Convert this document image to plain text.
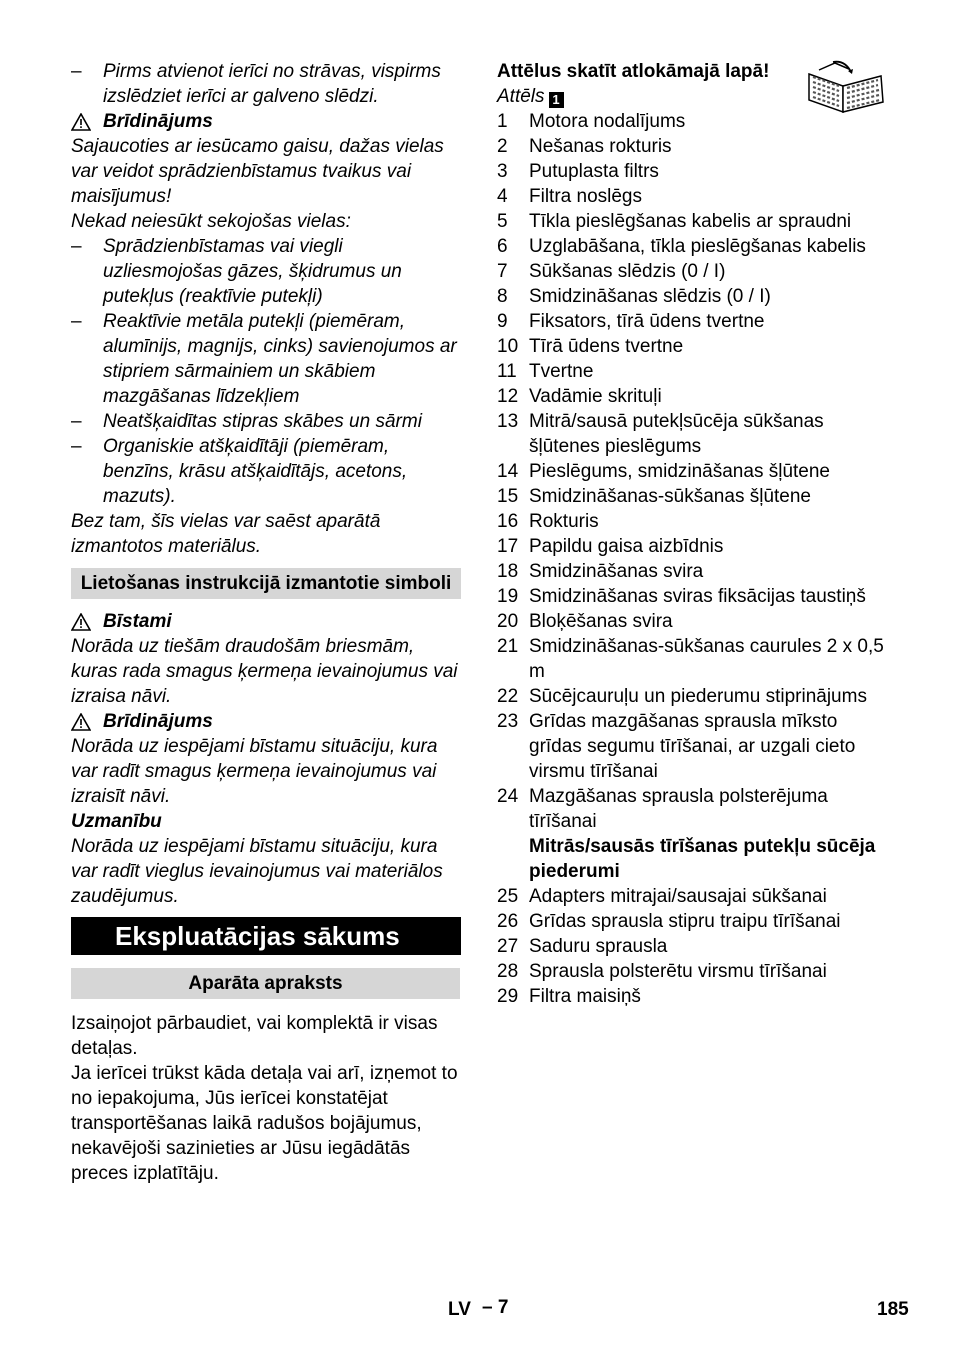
–	Pirms atvienot ierīci no strāvas, vispirms izslēdziet ierīci ar galveno slēdzi.
Brīdinājums

Sajaucoties ar iesūcamo gaisu, dažas vielas var veidot sprādzienbīstamus tvaikus vai maisījumus!

Nekad neiesūkt sekojošas vielas:

–	Sprādzienbīstamas vai viegli uzliesmojošas gāzes, šķidrumus un putekļus (reaktīvie putekļi)
–	Reaktīvie metāla putekļi (piemēram, alumīnijs, magnijs, cinks) savienojumos ar stipriem sārmainiem un skābiem mazgāšanas līdzekļiem
–	Neatšķaidītas stipras skābes un sārmi
–	Organiskie atšķaidītāji (piemēram, benzīns, krāsu atšķaidītājs, acetons, mazuts).

Bez tam, šīs vielas var saēst aparātā izmantotos materiālus.

Lietošanas instrukcijā izmantotie simboli
Bīstami

Norāda uz tiešām draudošām briesmām, kuras rada smagus ķermeņa ievainojumus vai izraisa nāvi.

Brīdinājums

Norāda uz iespējami bīstamu situāciju, kura var radīt smagus ķermeņa ievainojumus vai izraisīt nāvi.

Uzmanību

Norāda uz iespējami bīstamu situāciju, kura var radīt vieglus ievainojumus vai materiālos zaudējumus.

Ekspluatācijas sākums
Aparāta apraksts

Izsaiņojot pārbaudiet, vai komplektā ir visas detaļas.

Ja ierīcei trūkst kāda detaļa vai arī, izņemot to no iepakojuma, Jūs ierīcei konstatējat transportēšanas laikā radušos bojājumus, nekavējoši sazinieties ar Jūsu iegādātās preces izplatītāju.

Attēlus skatīt atlokāmajā lapā!

Attēls 1

1	Motora nodalījums
2	Nešanas rokturis
3	Putuplasta filtrs
4	Filtra noslēgs
5	Tīkla pieslēgšanas kabelis ar spraudni
6	Uzglabāšana, tīkla pieslēgšanas kabelis
7	Sūkšanas slēdzis (0 / I)
8	Smidzināšanas slēdzis (0 / I)
9	Fiksators, tīrā ūdens tvertne
10 Tīrā ūdens tvertne
11 Tvertne
12 Vadāmie skrituļi
13 Mitrā/sausā putekļsūcēja sūkšanas šļūtenes pieslēgums
14 Pieslēgums, smidzināšanas šļūtene
15 Smidzināšanas-sūkšanas šļūtene
16 Rokturis
17 Papildu gaisa aizbīdnis
18 Smidzināšanas svira
19 Smidzināšanas sviras fiksācijas taustiņš
20 Bloķēšanas svira
21 Smidzināšanas-sūkšanas caurules 2 x 0,5 m
22 Sūcējcauruļu un piederumu stiprinājums
23 Grīdas mazgāšanas sprausla mīksto grīdas segumu tīrīšanai, ar uzgali cieto virsmu tīrīšanai
24 Mazgāšanas sprausla polsterējuma tīrīšanai
Mitrās/sausās tīrīšanas putekļu sūcēja piederumi
25 Adapters mitrajai/sausajai sūkšanai
26 Grīdas sprausla stipru traipu tīrīšanai
27 Saduru sprausla
28 Sprausla polsterētu virsmu tīrīšanai
29 Filtra maisiņš
LV – 7	185
